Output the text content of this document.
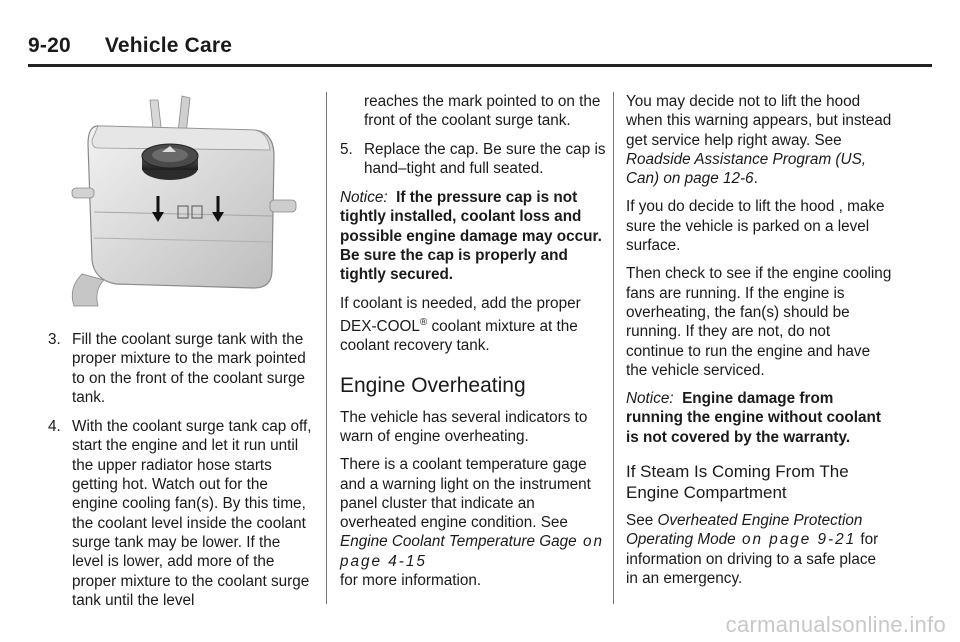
9-20 Vehicle Care
3. Fill the coolant surge tank with the proper mixture to the mark pointed to on the front of the coolant surge tank.
4. With the coolant surge tank cap off, start the engine and let it run until the upper radiator hose starts getting hot. Watch out for the engine cooling fan(s). By this time, the coolant level inside the coolant surge tank may be lower. If the level is lower, add more of the proper mixture to the coolant surge tank until the level
reaches the mark pointed to on the front of the coolant surge tank.
5. Replace the cap. Be sure the cap is hand–tight and full seated.

Notice: If the pressure cap is not tightly installed, coolant loss and possible engine damage may occur. Be sure the cap is properly and tightly secured.

If coolant is needed, add the proper DEX-COOL® coolant mixture at the coolant recovery tank.

Engine Overheating

The vehicle has several indicators to warn of engine overheating.

There is a coolant temperature gage and a warning light on the instrument panel cluster that indicate an overheated engine condition. See Engine Coolant Temperature Gage on page 4‑15
for more information.

You may decide not to lift the hood when this warning appears, but instead get service help right away. See Roadside Assistance Program (US, Can) on page 12‑6.

If you do decide to lift the hood , make sure the vehicle is parked on a level surface.

Then check to see if the engine cooling fans are running. If the engine is overheating, the fan(s) should be running. If they are not, do not continue to run the engine and have the vehicle serviced.

Notice: Engine damage from running the engine without coolant is not covered by the warranty.

If Steam Is Coming From The Engine Compartment

See Overheated Engine Protection Operating Mode on page 9‑21 for information on driving to a safe place in an emergency.

carmanualsonline.info
